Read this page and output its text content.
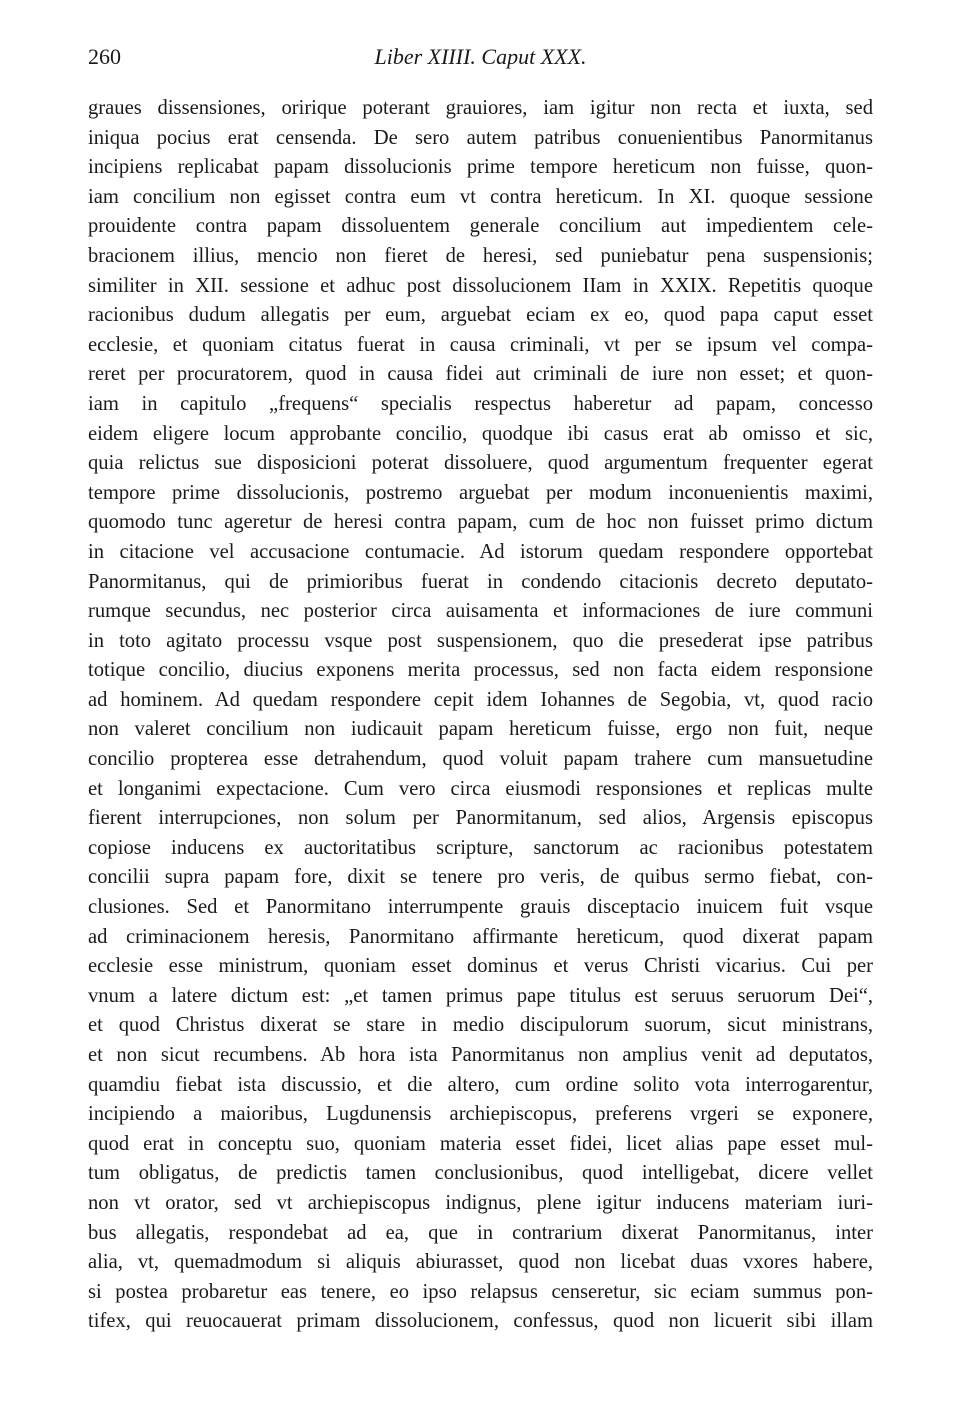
260	Liber XIIII. Caput XXX.
graues dissensiones, oririque poterant grauiores, iam igitur non recta et iuxta, sed
iniqua pocius erat censenda. De sero autem patribus conuenientibus Panormitanus
incipiens replicabat papam dissolucionis prime tempore hereticum non fuisse, quon-
iam concilium non egisset contra eum vt contra hereticum. In XI. quoque sessione
prouidente contra papam dissoluentem generale concilium aut impedientem cele-
bracionem illius, mencio non fieret de heresi, sed puniebatur pena suspensionis;
similiter in XII. sessione et adhuc post dissolucionem IIam in XXIX. Repetitis quoque
racionibus dudum allegatis per eum, arguebat eciam ex eo, quod papa caput esset
ecclesie, et quoniam citatus fuerat in causa criminali, vt per se ipsum vel compa-
reret per procuratorem, quod in causa fidei aut criminali de iure non esset; et quon-
iam in capitulo „frequens“ specialis respectus haberetur ad papam, concesso
eidem eligere locum approbante concilio, quodque ibi casus erat ab omisso et sic,
quia relictus sue disposicioni poterat dissoluere, quod argumentum frequenter egerat
tempore prime dissolucionis, postremo arguebat per modum inconuenientis maximi,
quomodo tunc ageretur de heresi contra papam, cum de hoc non fuisset primo dictum
in citacione vel accusacione contumacie. Ad istorum quedam respondere opportebat
Panormitanus, qui de primioribus fuerat in condendo citacionis decreto deputato-
rumque secundus, nec posterior circa auisamenta et informaciones de iure communi
in toto agitato processu vsque post suspensionem, quo die presederat ipse patribus
totique concilio, diucius exponens merita processus, sed non facta eidem responsione
ad hominem. Ad quedam respondere cepit idem Iohannes de Segobia, vt, quod racio
non valeret concilium non iudicauit papam hereticum fuisse, ergo non fuit, neque
concilio propterea esse detrahendum, quod voluit papam trahere cum mansuetudine
et longanimi expectacione. Cum vero circa eiusmodi responsiones et replicas multe
fierent interrupciones, non solum per Panormitanum, sed alios, Argensis episcopus
copiose inducens ex auctoritatibus scripture, sanctorum ac racionibus potestatem
concilii supra papam fore, dixit se tenere pro veris, de quibus sermo fiebat, con-
clusiones. Sed et Panormitano interrumpente grauis disceptacio inuicem fuit vsque
ad criminacionem heresis, Panormitano affirmante hereticum, quod dixerat papam
ecclesie esse ministrum, quoniam esset dominus et verus Christi vicarius. Cui per
vnum a latere dictum est: „et tamen primus pape titulus est seruus seruorum Dei“,
et quod Christus dixerat se stare in medio discipulorum suorum, sicut ministrans,
et non sicut recumbens. Ab hora ista Panormitanus non amplius venit ad deputatos,
quamdiu fiebat ista discussio, et die altero, cum ordine solito vota interrogarentur,
incipiendo a maioribus, Lugdunensis archiepiscopus, preferens vrgeri se exponere,
quod erat in conceptu suo, quoniam materia esset fidei, licet alias pape esset mul-
tum obligatus, de predictis tamen conclusionibus, quod intelligebat, dicere vellet
non vt orator, sed vt archiepiscopus indignus, plene igitur inducens materiam iuri-
bus allegatis, respondebat ad ea, que in contrarium dixerat Panormitanus, inter
alia, vt, quemadmodum si aliquis abiurasset, quod non licebat duas vxores habere,
si postea probaretur eas tenere, eo ipso relapsus censeretur, sic eciam summus pon-
tifex, qui reuocauerat primam dissolucionem, confessus, quod non licuerit sibi illam
